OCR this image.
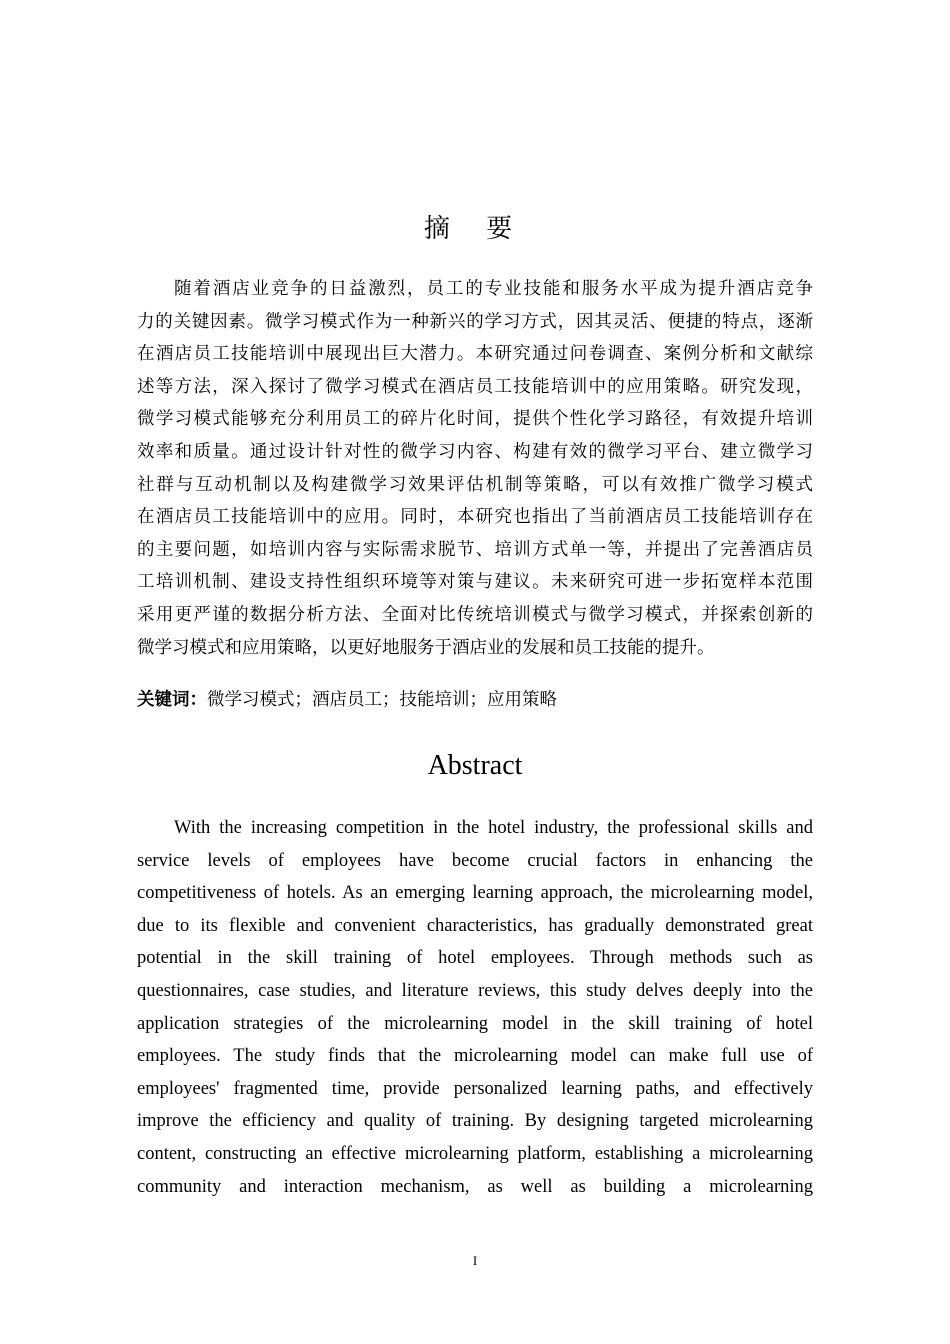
摘 要
随着酒店业竞争的日益激烈，员工的专业技能和服务水平成为提升酒店竞争
力的关键因素。微学习模式作为一种新兴的学习方式，因其灵活、便捷的特点，逐渐
在酒店员工技能培训中展现出巨大潜力。本研究通过问卷调查、案例分析和文献综
述等方法，深入探讨了微学习模式在酒店员工技能培训中的应用策略。研究发现，
微学习模式能够充分利用员工的碎片化时间，提供个性化学习路径，有效提升培训
效率和质量。通过设计针对性的微学习内容、构建有效的微学习平台、建立微学习
社群与互动机制以及构建微学习效果评估机制等策略，可以有效推广微学习模式
在酒店员工技能培训中的应用。同时，本研究也指出了当前酒店员工技能培训存在
的主要问题，如培训内容与实际需求脱节、培训方式单一等，并提出了完善酒店员
工培训机制、建设支持性组织环境等对策与建议。未来研究可进一步拓宽样本范围
采用更严谨的数据分析方法、全面对比传统培训模式与微学习模式，并探索创新的
微学习模式和应用策略，以更好地服务于酒店业的发展和员工技能的提升。
关键词：微学习模式；酒店员工；技能培训；应用策略
Abstract
With the increasing competition in the hotel industry, the professional skills and
service levels of employees have become crucial factors in enhancing the
competitiveness of hotels. As an emerging learning approach, the microlearning model,
due to its flexible and convenient characteristics, has gradually demonstrated great
potential in the skill training of hotel employees. Through methods such as
questionnaires, case studies, and literature reviews, this study delves deeply into the
application strategies of the microlearning model in the skill training of hotel
employees. The study finds that the microlearning model can make full use of
employees' fragmented time, provide personalized learning paths, and effectively
improve the efficiency and quality of training. By designing targeted microlearning
content, constructing an effective microlearning platform, establishing a microlearning
community and interaction mechanism, as well as building a microlearning
I
